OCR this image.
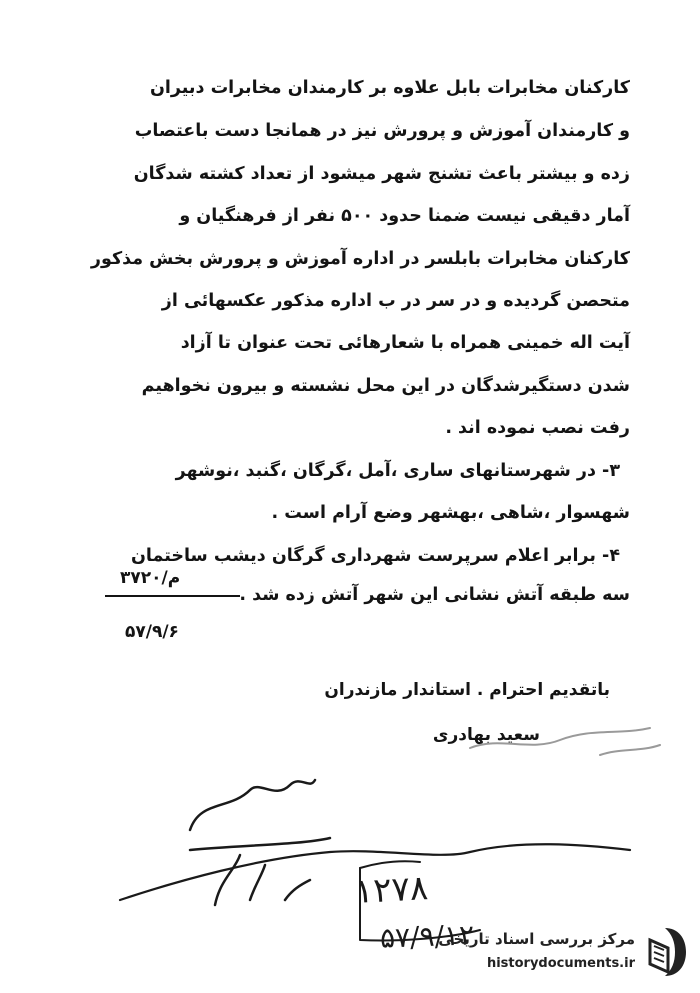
کارکنان مخابرات بابل علاوه بر کارمندان مخابرات دبیران
و کارمندان آموزش و پرورش نیز در همانجا دست باعتصاب
زده و بیشتر باعث تشنج شهر میشود از تعداد کشته شدگان
آمار دقیقی نیست ضمنا حدود ۵۰۰ نفر از فرهنگیان و
کارکنان مخابرات بابلسر در اداره آموزش و پرورش بخش مذکور
متحصن گردیده و در سر در ب اداره مذکور عکسهائی از
آیت اله خمینی همراه با شعارهائی تحت عنوان تا آزاد
شدن دستگیرشدگان در این محل نشسته و بیرون نخواهیم
رفت نصب نموده اند .
۳- در شهرستانهای ساری ،آمل ،گرگان ،گنبد ،نوشهر
شهسوار ،شاهی ،بهشهر وضع آرام است .
۴- برابر اعلام سرپرست شهرداری گرگان دیشب ساختمان
سه طبقه آتش نشانی این شهر آتش زده شد .
۳۷۲۰/م
۵۷/۹/۶
باتقدیم احترام . استاندار مازندران
سعید بهادری
۱۲۷۸
۵۷/۹/۱۲
مرکز بررسی اسناد تاریخی
historydocuments.ir
